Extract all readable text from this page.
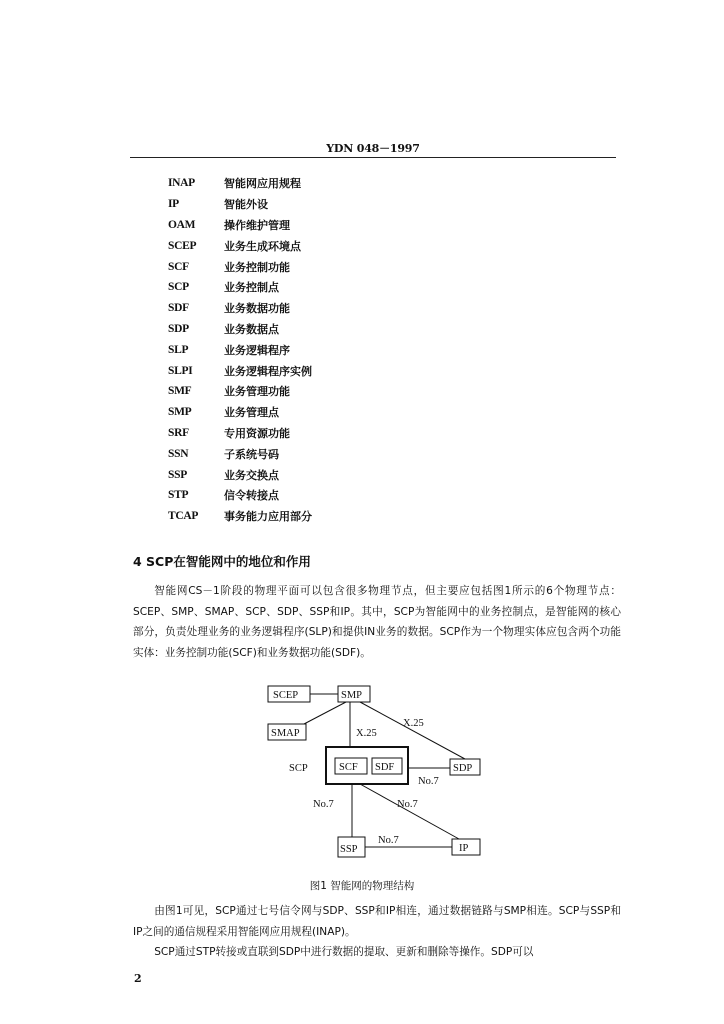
YDN 048－1997
INAP	智能网应用规程
IP	智能外设
OAM	操作维护管理
SCEP	业务生成环境点
SCF	业务控制功能
SCP	业务控制点
SDF	业务数据功能
SDP	业务数据点
SLP	业务逻辑程序
SLPI	业务逻辑程序实例
SMF	业务管理功能
SMP	业务管理点
SRF	专用资源功能
SSN	子系统号码
SSP	业务交换点
STP	信令转接点
TCAP	事务能力应用部分
4 SCP在智能网中的地位和作用
智能网CS－1阶段的物理平面可以包含很多物理节点，但主要应包括图1所示的6个物理节点：SCEP、SMP、SMAP、SCP、SDP、SSP和IP。其中，SCP为智能网中的业务控制点，是智能网的核心部分，负责处理业务的业务逻辑程序(SLP)和提供IN业务的数据。SCP作为一个物理实体应包含两个功能实体：业务控制功能(SCF)和业务数据功能(SDF)。
SCEP	SMP
SMAP
SCP	SCF SDF	SDP
SSP	IP
X.25
X.25
No.7
No.7	No.7
No.7
图1 智能网的物理结构
由图1可见，SCP通过七号信令网与SDP、SSP和IP相连，通过数据链路与SMP相连。SCP与SSP和IP之间的通信规程采用智能网应用规程(INAP)。
SCP通过STP转接或直联到SDP中进行数据的提取、更新和删除等操作。SDP可以
2
